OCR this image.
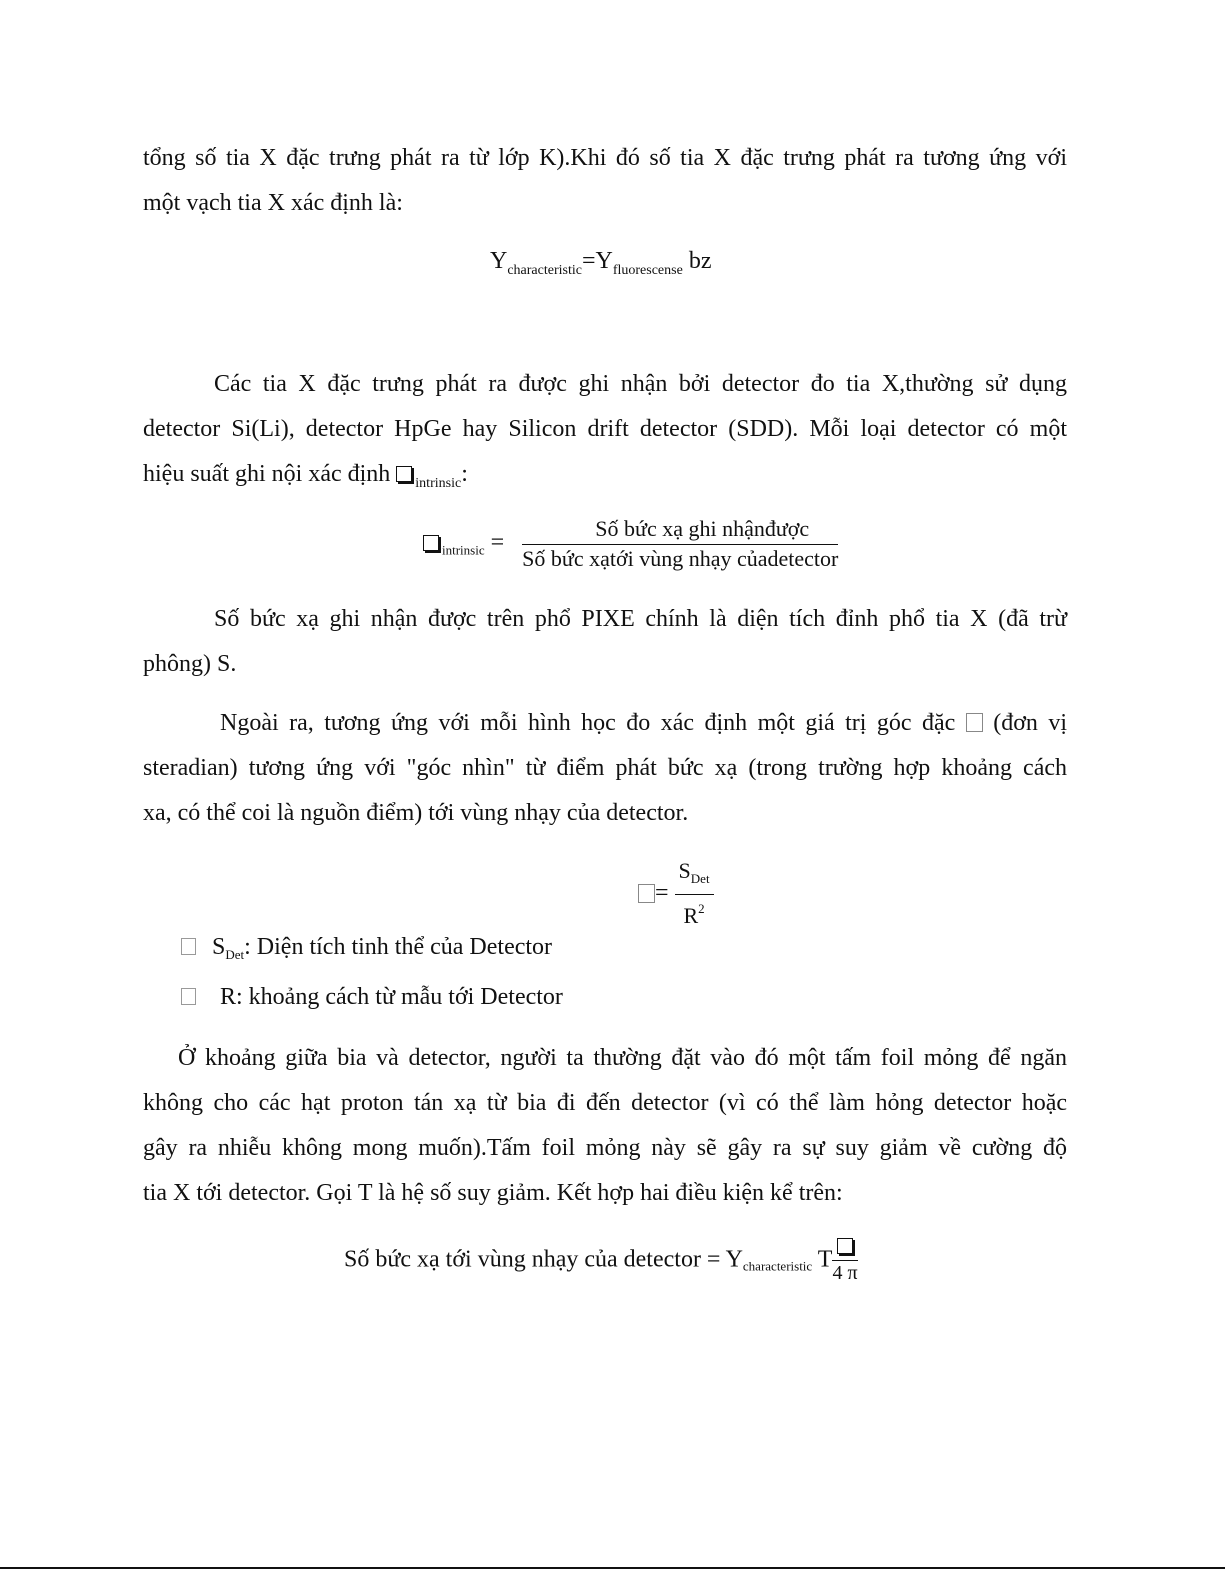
tổng số tia X đặc trưng phát ra từ lớp K).Khi đó số tia X đặc trưng phát ra tương ứng với
một vạch tia X xác định là:
$Y_{characteristic}=Y_{fluorescense}$ bz
Các tia X đặc trưng phát ra được ghi nhận bởi detector đo tia X,thường sử dụng
detector Si(Li), detector HpGe hay Silicon drift detector (SDD). Mỗi loại detector có một
hiệu suất ghi nội xác định $_{intrinsic}$:
$_{intrinsic} = \frac{\text{Số bức xạ ghi nhậnđược}}{\text{Số bức xạtới vùng nhạy củadetector}}$
Số bức xạ ghi nhận được trên phổ PIXE chính là diện tích đỉnh phổ tia X (đã trừ
phông) S.
Ngoài ra, tương ứng với mỗi hình học đo xác định một giá trị góc đặc  (đơn vị
steradian) tương ứng với "góc nhìn" từ điểm phát bức xạ (trong trường hợp khoảng cách
xa, có thể coi là nguồn điểm) tới vùng nhạy của detector.
= $\frac{S_{Det}}{R^2}$
$S_{Det}$: Diện tích tinh thể của Detector
R: khoảng cách từ mẫu tới Detector
Ở khoảng giữa bia và detector, người ta thường đặt vào đó một tấm foil mỏng để ngăn
không cho các hạt proton tán xạ từ bia đi đến detector (vì có thể làm hỏng detector hoặc
gây ra nhiễu không mong muốn).Tấm foil mỏng này sẽ gây ra sự suy giảm về cường độ
tia X tới detector. Gọi T là hệ số suy giảm. Kết hợp hai điều kiện kể trên:
Số bức xạ tới vùng nhạy của detector = $Y_{characteristic}$ T
4 π
